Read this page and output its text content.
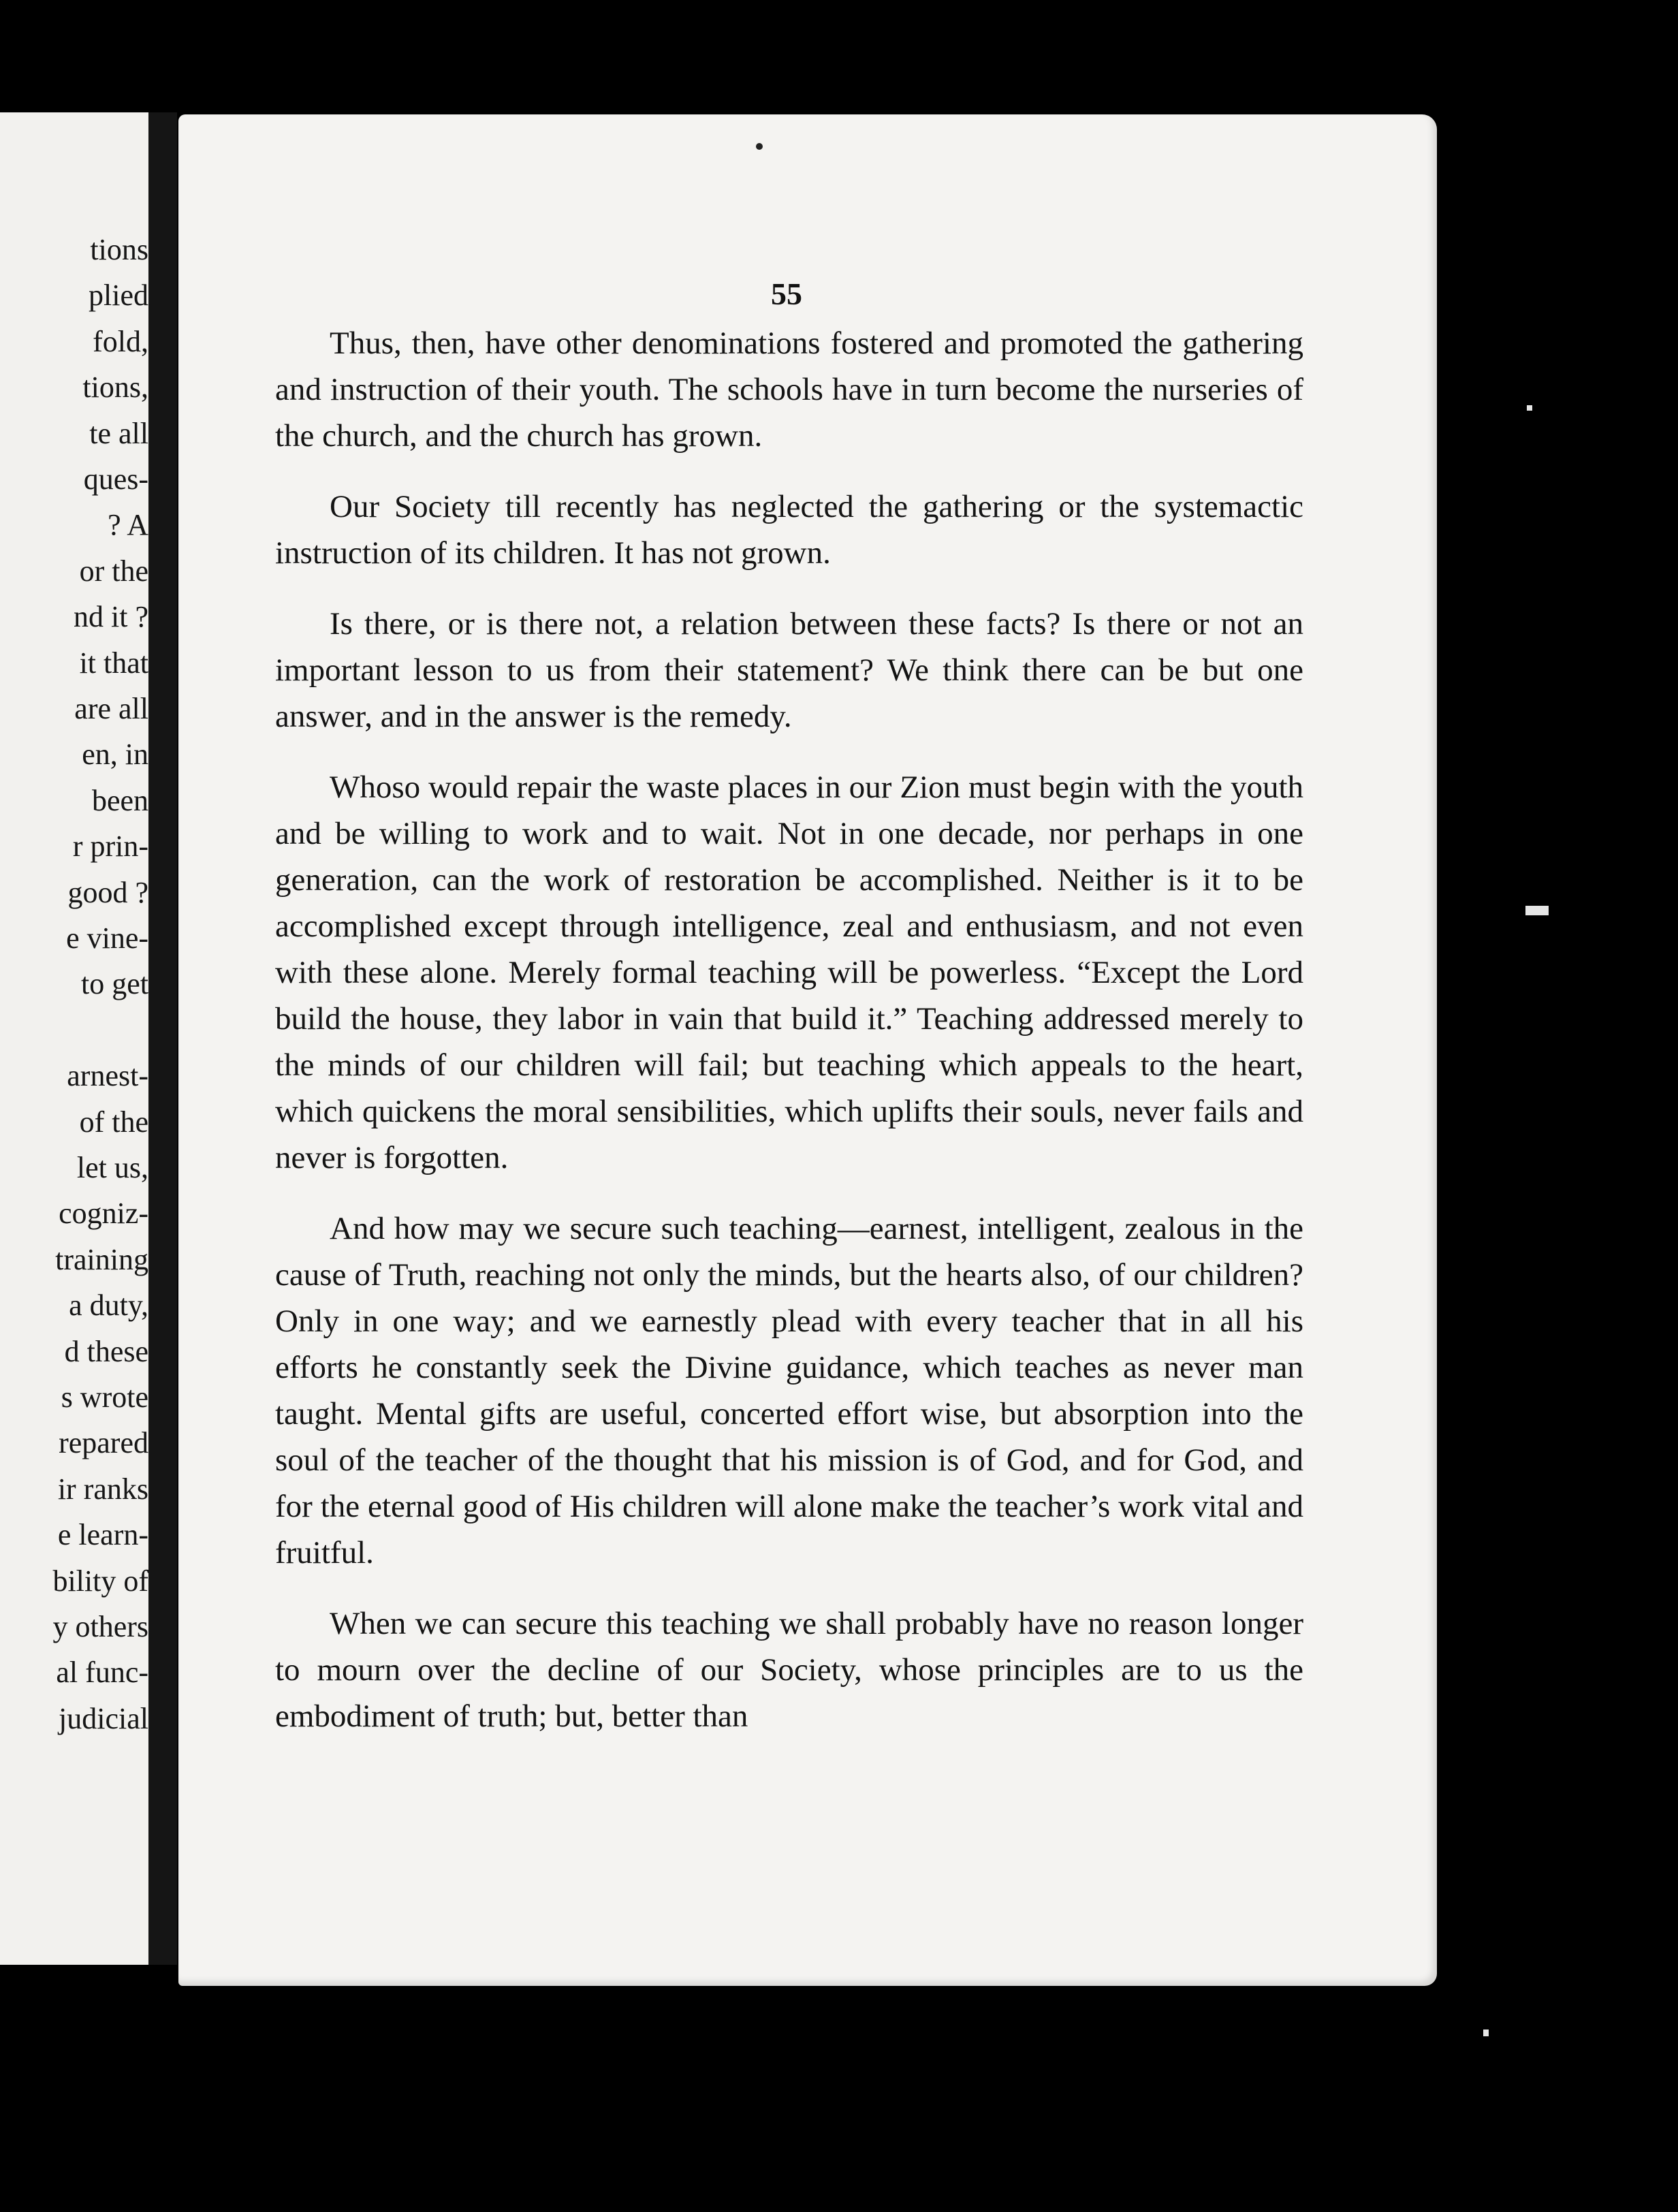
tions
plied
fold,
tions,
te all
ques-
? A
or the
nd it ?
it that
are all
en, in
been
r prin-
good ?
e vine-
to get
arnest-
of the
let us,
cogniz-
training
a duty,
d these
s wrote
repared
ir ranks
e learn-
bility of
y others
al func-
judicial
55

Thus, then, have other denominations fostered and promoted the gathering and instruction of their youth. The schools have in turn become the nurseries of the church, and the church has grown.

Our Society till recently has neglected the gathering or the systemactic instruction of its children. It has not grown.

Is there, or is there not, a relation between these facts? Is there or not an important lesson to us from their statement? We think there can be but one answer, and in the answer is the remedy.

Whoso would repair the waste places in our Zion must begin with the youth and be willing to work and to wait. Not in one decade, nor perhaps in one generation, can the work of restoration be accomplished. Neither is it to be accomplished except through intelligence, zeal and enthusiasm, and not even with these alone. Merely formal teaching will be powerless. “Except the Lord build the house, they labor in vain that build it.” Teaching addressed merely to the minds of our children will fail; but teaching which appeals to the heart, which quickens the moral sensibilities, which uplifts their souls, never fails and never is forgotten.

And how may we secure such teaching—earnest, intelligent, zealous in the cause of Truth, reaching not only the minds, but the hearts also, of our children? Only in one way; and we earnestly plead with every teacher that in all his efforts he constantly seek the Divine guidance, which teaches as never man taught. Mental gifts are useful, concerted effort wise, but absorption into the soul of the teacher of the thought that his mission is of God, and for God, and for the eternal good of His children will alone make the teacher’s work vital and fruitful.

When we can secure this teaching we shall probably have no reason longer to mourn over the decline of our Society, whose principles are to us the embodiment of truth; but, better than
